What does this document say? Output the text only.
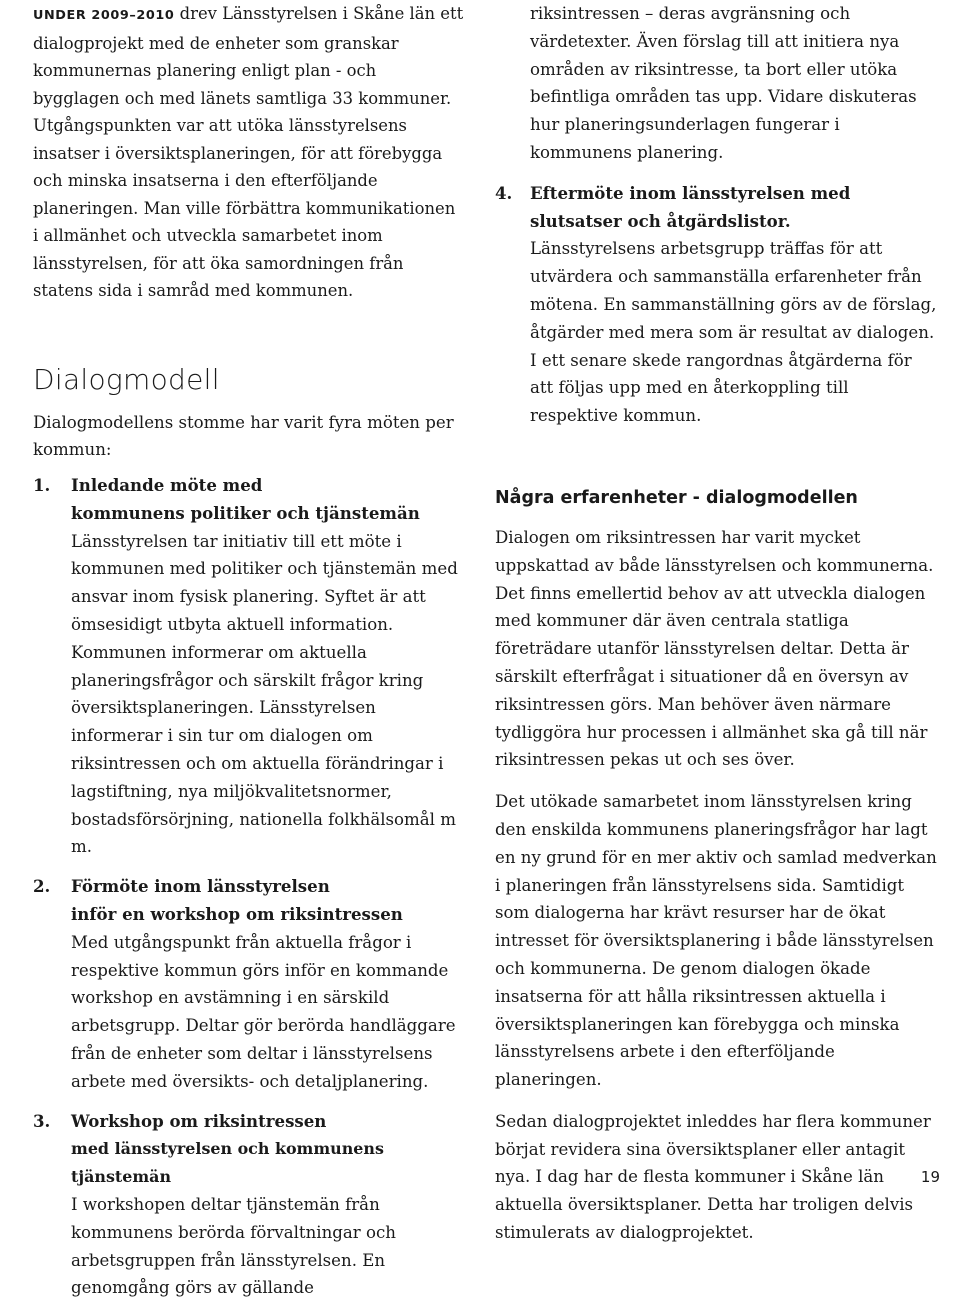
UNDER 2009–2010 drev Länsstyrelsen i Skåne län ett dialogprojekt med de enheter som granskar kommunernas planering enligt plan - och bygglagen och med länets samtliga 33 kommuner. Utgångspunkten var att utöka länsstyrelsens insatser i översiktsplaneringen, för att förebygga och minska insatserna i den efterföljande planeringen. Man ville förbättra kommunikationen i allmänhet och utveckla samarbetet inom länsstyrelsen, för att öka samordningen från statens sida i samråd med kommunen.

Dialogmodell

Dialogmodellens stomme har varit fyra möten per kommun:

1. Inledande möte med
kommunens politiker och tjänstemän

Länsstyrelsen tar initiativ till ett möte i kommunen med politiker och tjänstemän med ansvar inom fysisk planering. Syftet är att ömsesidigt utbyta aktuell information. Kommunen informerar om aktuella planeringsfrågor och särskilt frågor kring översiktsplaneringen. Länsstyrelsen informerar i sin tur om dialogen om riksintressen och om aktuella förändringar i lagstiftning, nya miljökvalitetsnormer, bostadsförsörjning, nationella folkhälsomål m m.

2. Förmöte inom länsstyrelsen
inför en workshop om riksintressen

Med utgångspunkt från aktuella frågor i respektive kommun görs inför en kommande workshop en avstämning i en särskild arbetsgrupp. Deltar gör berörda handläggare från de enheter som deltar i länsstyrelsens arbete med översikts- och detaljplanering.

3. Workshop om riksintressen
med länsstyrelsen och kommunens tjänstemän

I workshopen deltar tjänstemän från kommunens berörda förvaltningar och arbetsgruppen från länsstyrelsen. En genomgång görs av gällande

riksintressen – deras avgränsning och värdetexter. Även förslag till att initiera nya områden av riksintresse, ta bort eller utöka befintliga områden tas upp. Vidare diskuteras hur planeringsunderlagen fungerar i kommunens planering.

4. Eftermöte inom länsstyrelsen med slutsatser och åtgärdslistor.

Länsstyrelsens arbetsgrupp träffas för att utvärdera och sammanställa erfarenheter från mötena. En sammanställning görs av de förslag, åtgärder med mera som är resultat av dialogen. I ett senare skede rangordnas åtgärderna för att följas upp med en återkoppling till respektive kommun.

Några erfarenheter - dialogmodellen

Dialogen om riksintressen har varit mycket uppskattad av både länsstyrelsen och kommunerna. Det finns emellertid behov av att utveckla dialogen med kommuner där även centrala statliga företrädare utanför länsstyrelsen deltar. Detta är särskilt efterfrågat i situationer då en översyn av riksintressen görs. Man behöver även närmare tydliggöra hur processen i allmänhet ska gå till när riksintressen pekas ut och ses över.

Det utökade samarbetet inom länsstyrelsen kring den enskilda kommunens planeringsfrågor har lagt en ny grund för en mer aktiv och samlad medverkan i planeringen från länsstyrelsens sida. Samtidigt som dialogerna har krävt resurser har de ökat intresset för översiktsplanering i både länsstyrelsen och kommunerna. De genom dialogen ökade insatserna för att hålla riksintressen aktuella i översiktsplaneringen kan förebygga och minska länsstyrelsens arbete i den efterföljande planeringen.

Sedan dialogprojektet inleddes har flera kommuner börjat revidera sina översiktsplaner eller antagit nya. I dag har de flesta kommuner i Skåne län aktuella översiktsplaner. Detta har troligen delvis stimulerats av dialogprojektet.

19
